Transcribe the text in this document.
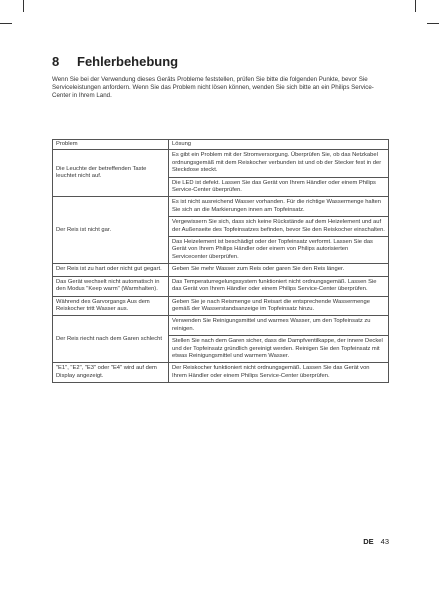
8	Fehlerbehebung

Wenn Sie bei der Verwendung dieses Geräts Probleme feststellen, prüfen Sie bitte die folgenden Punkte, bevor Sie Serviceleistungen anfordern. Wenn Sie das Problem nicht lösen können, wenden Sie sich bitte an ein Philips Service-Center in Ihrem Land.

Problem	Lösung
Die Leuchte der betreffenden Taste leuchtet nicht auf.	Es gibt ein Problem mit der Stromversorgung. Überprüfen Sie, ob das Netzkabel ordnungsgemäß mit dem Reiskocher verbunden ist und ob der Stecker fest in der Steckdose steckt.
	Die LED ist defekt. Lassen Sie das Gerät von Ihrem Händler oder einem Philips Service-Center überprüfen.
Der Reis ist nicht gar.	Es ist nicht ausreichend Wasser vorhanden. Für die richtige Wassermenge halten Sie sich an die Markierungen innen am Topfeinsatz.
	Vergewissern Sie sich, dass sich keine Rückstände auf dem Heizelement und auf der Außenseite des Topfeinsatzes befinden, bevor Sie den Reiskocher einschalten.
	Das Heizelement ist beschädigt oder der Topfeinsatz verformt. Lassen Sie das Gerät von Ihrem Philips Händler oder einem von Philips autorisierten Servicecenter überprüfen.
Der Reis ist zu hart oder nicht gut gegart.	Geben Sie mehr Wasser zum Reis oder garen Sie den Reis länger.
Das Gerät wechselt nicht automatisch in den Modus "Keep warm" (Warmhalten).	Das Temperaturregelungssystem funktioniert nicht ordnungsgemäß. Lassen Sie das Gerät von Ihrem Händler oder einem Philips Service-Center überprüfen.
Während des Garvorgangs Aus dem Reiskocher tritt Wasser aus.	Geben Sie je nach Reismenge und Reisart die entsprechende Wassermenge gemäß der Wasserstandsanzeige im Topfeinsatz hinzu.
Der Reis riecht nach dem Garen schlecht	Verwenden Sie Reinigungsmittel und warmes Wasser, um den Topfeinsatz zu reinigen.
	Stellen Sie nach dem Garen sicher, dass die Dampfventilkappe, der innere Deckel und der Topfeinsatz gründlich gereinigt werden. Reinigen Sie den Topfeinsatz mit etwas Reinigungsmittel und warmem Wasser.
"E1", "E2", "E3" oder "E4" wird auf dem Display angezeigt.	Der Reiskocher funktioniert nicht ordnungsgemäß. Lassen Sie das Gerät von Ihrem Händler oder einem Philips Service-Center überprüfen.
DE 43
